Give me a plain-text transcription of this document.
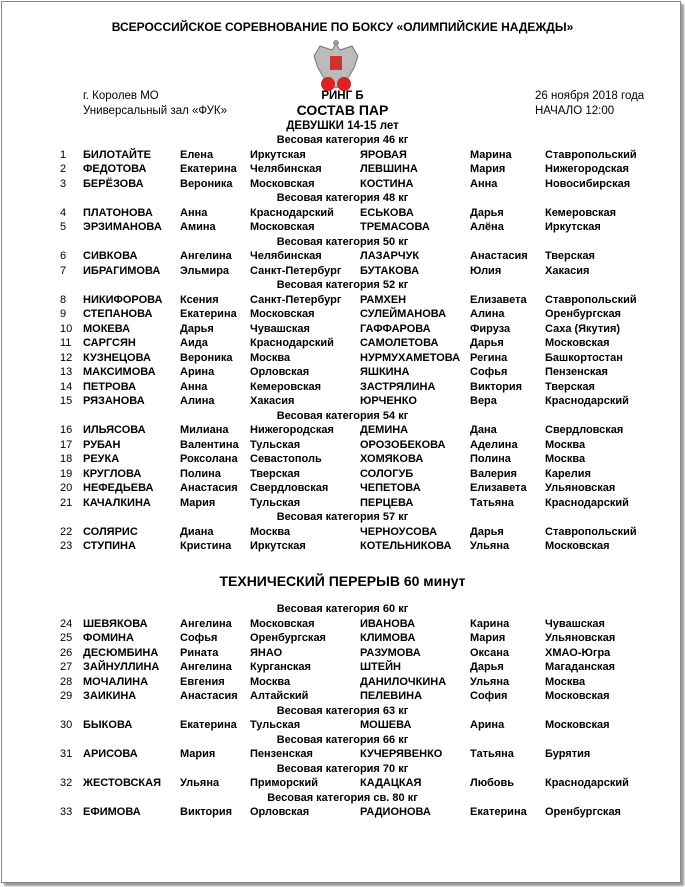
ВСЕРОССИЙСКОЕ СОРЕВНОВАНИЕ ПО БОКСУ «ОЛИМПИЙСКИЕ НАДЕЖДЫ»
г. Королев МО
Универсальный зал «ФУК»
26 ноября 2018 года
НАЧАЛО 12:00
РИНГ Б
СОСТАВ ПАР
ДЕВУШКИ 14-15 лет
ТЕХНИЧЕСКИЙ ПЕРЕРЫВ 60 минут
Весовая категория 46 кг
1 БИЛОТАЙТЕ	Елена	Иркутская	ЯРОВАЯ	Марина	Ставропольский
2 ФЕДОТОВА	Екатерина Челябинская	ЛЕВШИНА	Мария	Нижегородская
3 БЕРЁЗОВА	Вероника Московская	КОСТИНА	Анна	Новосибирская
Весовая категория 48 кг
4 ПЛАТОНОВА Анна	Краснодарский ЕСЬКОВА	Дарья	Кемеровская
5 ЭРЗИМАНОВА Амина	Московская	ТРЕМАСОВА	Алёна	Иркутская
Весовая категория 50 кг
6 СИВКОВА	Ангелина Челябинская	ЛАЗАРЧУК	Анастасия Тверская
7 ИБРАГИМОВА Эльмира Санкт-Петербург БУТАКОВА	Юлия	Хакасия
Весовая категория 52 кг
8 НИКИФОРОВА Ксения	Санкт-Петербург РАМХЕН	Елизавета Ставропольский
9 СТЕПАНОВА	Екатерина Московская	СУЛЕЙМАНОВА Алина	Оренбургская
10 МОКЕВА	Дарья	Чувашская	ГАФФАРОВА	Фируза	Саха (Якутия)
11 САРГСЯН	Аида	Краснодарский САМОЛЕТОВА	Дарья	Московская
12 КУЗНЕЦОВА	Вероника Москва	НУРМУХАМЕТОВА Регина	Башкортостан
13 МАКСИМОВА Арина	Орловская	ЯШКИНА	Софья	Пензенская
14 ПЕТРОВА	Анна	Кемеровская	ЗАСТРЯЛИНА	Виктория Тверская
15 РЯЗАНОВА	Алина	Хакасия	ЮРЧЕНКО	Вера	Краснодарский
Весовая категория 54 кг
16 ИЛЬЯСОВА	Милиана Нижегородская ДЕМИНА	Дана	Свердловская
17 РУБАН	Валентина Тульская	ОРОЗОБЕКОВА Аделина Москва
18 РЕУКА	Роксолана Севастополь	ХОМЯКОВА	Полина	Москва
19 КРУГЛОВА	Полина	Тверская	СОЛОГУБ	Валерия	Карелия
20 НЕФЕДЬЕВА Анастасия Свердловская	ЧЕПЕТОВА	Елизавета Ульяновская
21 КАЧАЛКИНА	Мария	Тульская	ПЕРЦЕВА	Татьяна	Краснодарский
Весовая категория 57 кг
22 СОЛЯРИС	Диана	Москва	ЧЕРНОУСОВА	Дарья	Ставропольский
23 СТУПИНА	Кристина Иркутская	КОТЕЛЬНИКОВА Ульяна	Московская
Весовая категория 60 кг
24 ШЕВЯКОВА	Ангелина Московская	ИВАНОВА	Карина	Чувашская
25 ФОМИНА	Софья	Оренбургская	КЛИМОВА	Мария	Ульяновская
26 ДЕСЮМБИНА Рината	ЯНАО	РАЗУМОВА	Оксана	ХМАО-Югра
27 ЗАЙНУЛЛИНА Ангелина Курганская	ШТЕЙН	Дарья	Магаданская
28 МОЧАЛИНА	Евгения Москва	ДАНИЛОЧКИНА Ульяна	Москва
29 ЗАИКИНА	Анастасия Алтайский	ПЕЛЕВИНА	София	Московская
Весовая категория 63 кг
30 БЫКОВА	Екатерина Тульская	МОШЕВА	Арина	Московская
Весовая категория 66 кг
31 АРИСОВА	Мария	Пензенская	КУЧЕРЯВЕНКО	Татьяна	Бурятия
Весовая категория 70 кг
32 ЖЕСТОВСКАЯ Ульяна	Приморский	КАДАЦКАЯ	Любовь	Краснодарский
Весовая категория св. 80 кг
33 ЕФИМОВА	Виктория Орловская	РАДИОНОВА	Екатерина Оренбургская
